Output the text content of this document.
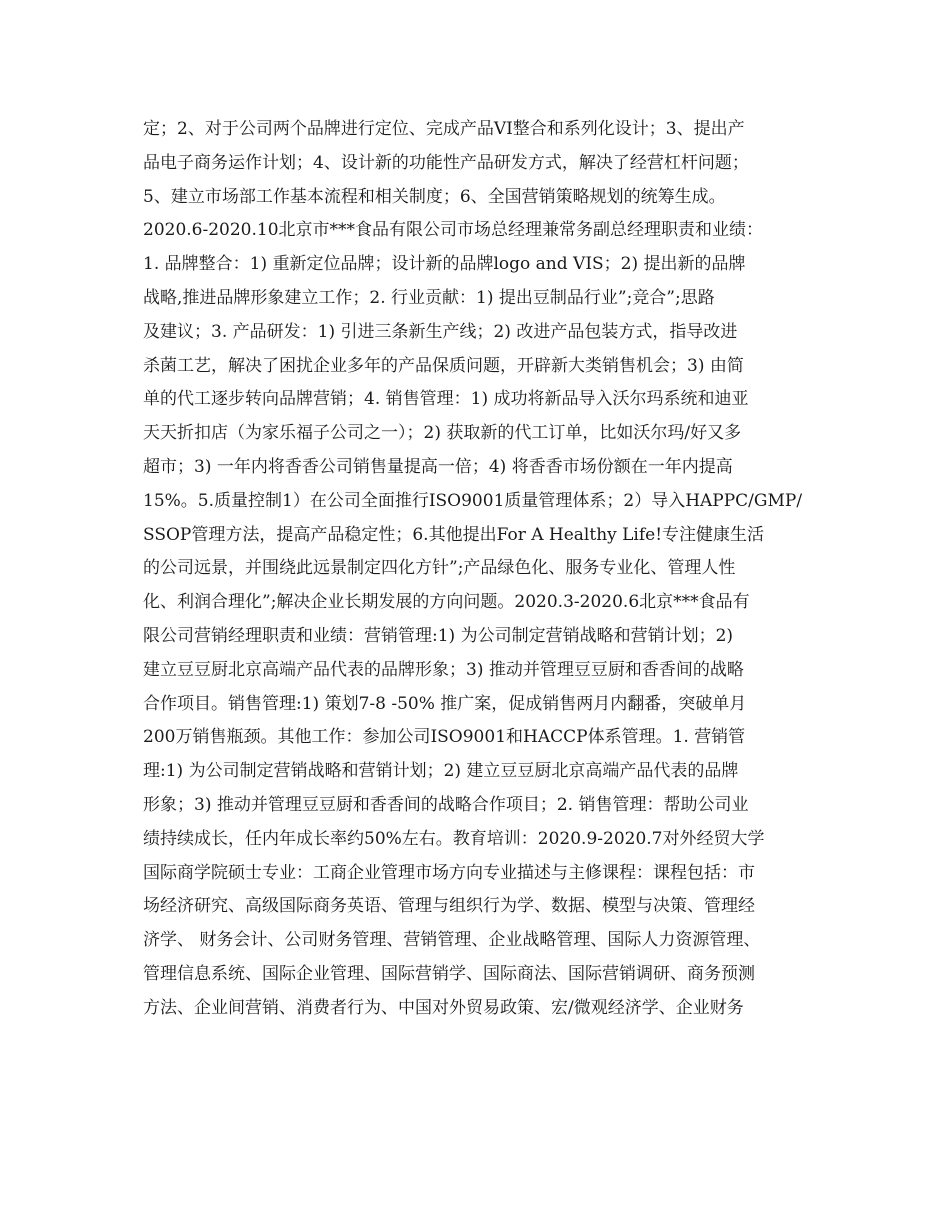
定；2、对于公司两个品牌进行定位、完成产品VI整合和系列化设计；3、提出产
品电子商务运作计划；4、设计新的功能性产品研发方式，解决了经营杠杆问题；
5、建立市场部工作基本流程和相关制度；6、全国营销策略规划的统筹生成。
2020.6-2020.10北京市***食品有限公司市场总经理兼常务副总经理职责和业绩：
1. 品牌整合：1) 重新定位品牌；设计新的品牌logo and VIS；2) 提出新的品牌
战略,推进品牌形象建立工作；2. 行业贡献：1) 提出豆制品行业”;竞合”;思路
及建议；3. 产品研发：1) 引进三条新生产线；2) 改进产品包装方式，指导改进
杀菌工艺，解决了困扰企业多年的产品保质问题，开辟新大类销售机会；3) 由简
单的代工逐步转向品牌营销；4. 销售管理：1) 成功将新品导入沃尔玛系统和迪亚
天天折扣店（为家乐福子公司之一）；2) 获取新的代工订单，比如沃尔玛/好又多
超市；3) 一年内将香香公司销售量提高一倍；4) 将香香市场份额在一年内提高
15%。5.质量控制1）在公司全面推行ISO9001质量管理体系；2）导入HAPPC/GMP/
SSOP管理方法，提高产品稳定性；6.其他提出For A Healthy Life!专注健康生活
的公司远景，并围绕此远景制定四化方针”;产品绿色化、服务专业化、管理人性
化、利润合理化”;解决企业长期发展的方向问题。2020.3-2020.6北京***食品有
限公司营销经理职责和业绩：营销管理:1) 为公司制定营销战略和营销计划；2)
建立豆豆厨北京高端产品代表的品牌形象；3) 推动并管理豆豆厨和香香间的战略
合作项目。销售管理:1) 策划7-8 -50% 推广案，促成销售两月内翻番，突破单月
200万销售瓶颈。其他工作：参加公司ISO9001和HACCP体系管理。1. 营销管
理:1) 为公司制定营销战略和营销计划；2) 建立豆豆厨北京高端产品代表的品牌
形象；3) 推动并管理豆豆厨和香香间的战略合作项目；2. 销售管理：帮助公司业
绩持续成长，任内年成长率约50%左右。教育培训：2020.9-2020.7对外经贸大学
国际商学院硕士专业：工商企业管理市场方向专业描述与主修课程：课程包括：市
场经济研究、高级国际商务英语、管理与组织行为学、数据、模型与决策、管理经
济学、 财务会计、公司财务管理、营销管理、企业战略管理、国际人力资源管理、
管理信息系统、国际企业管理、国际营销学、国际商法、国际营销调研、商务预测
方法、企业间营销、消费者行为、中国对外贸易政策、宏/微观经济学、企业财务
